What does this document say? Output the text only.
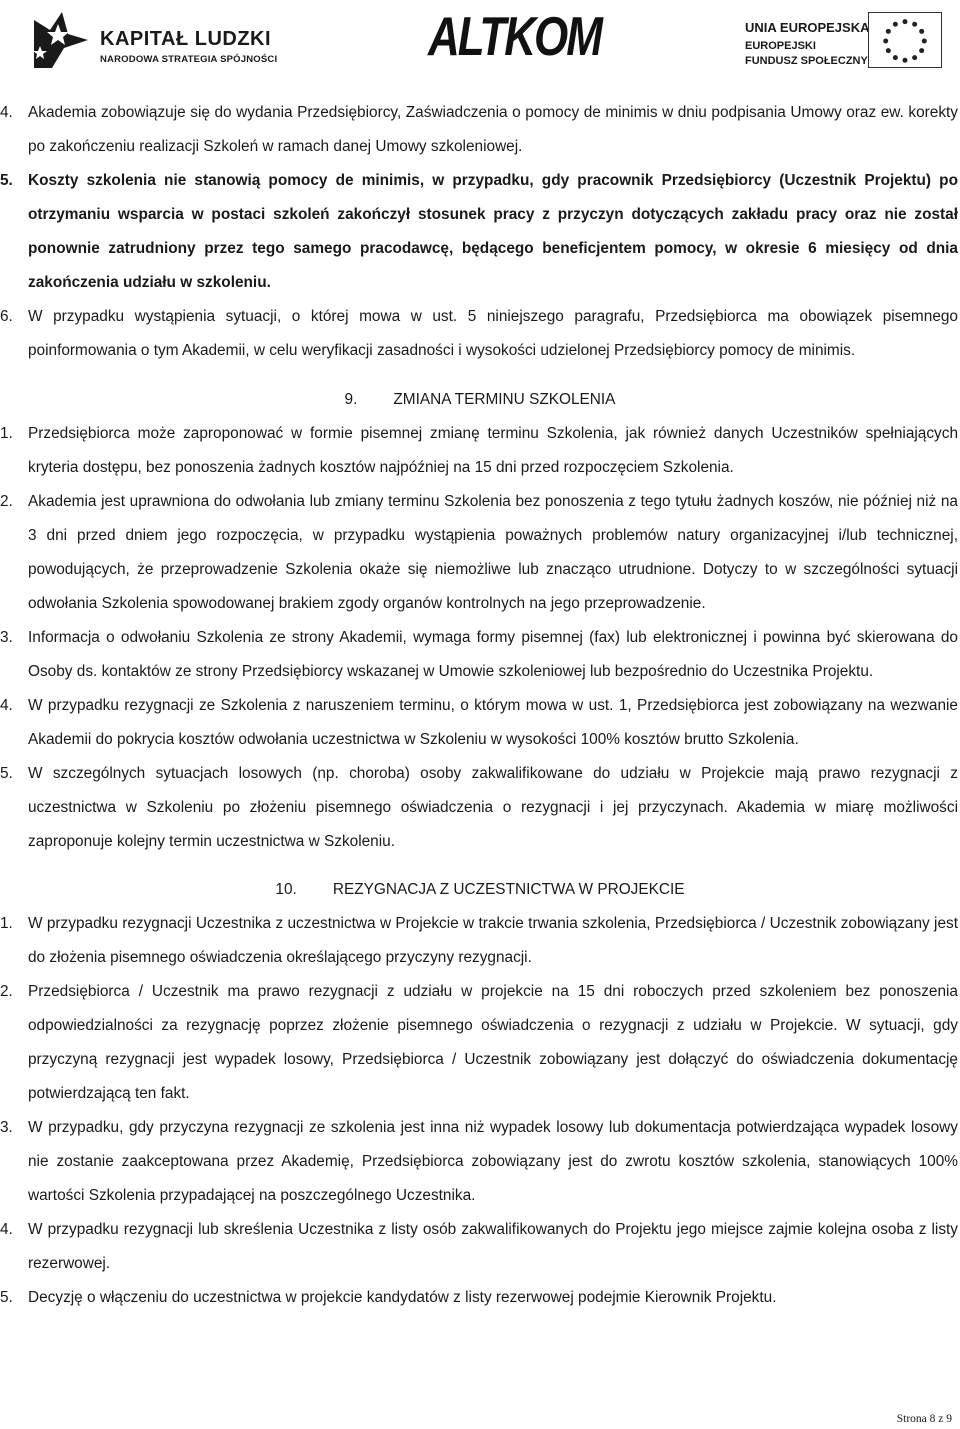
KAPITAŁ LUDZKI
NARODOWA STRATEGIA SPÓJNOŚCI	ALTKOM	UNIA EUROPEJSKA
EUROPEJSKI
FUNDUSZ SPOŁECZNY
4. Akademia zobowiązuje się do wydania Przedsiębiorcy, Zaświadczenia o pomocy de minimis w dniu podpisania Umowy oraz ew. korekty po zakończeniu realizacji Szkoleń w ramach danej Umowy szkoleniowej.
5. Koszty szkolenia nie stanowią pomocy de minimis, w przypadku, gdy pracownik Przedsiębiorcy (Uczestnik Projektu) po otrzymaniu wsparcia w postaci szkoleń zakończył stosunek pracy z przyczyn dotyczących zakładu pracy oraz nie został ponownie zatrudniony przez tego samego pracodawcę, będącego beneficjentem pomocy, w okresie 6 miesięcy od dnia zakończenia udziału w szkoleniu.
6. W przypadku wystąpienia sytuacji, o której mowa w ust. 5 niniejszego paragrafu, Przedsiębiorca ma obowiązek pisemnego poinformowania o tym Akademii, w celu weryfikacji zasadności i wysokości udzielonej Przedsiębiorcy pomocy de minimis.
9. ZMIANA TERMINU SZKOLENIA
1. Przedsiębiorca może zaproponować w formie pisemnej zmianę terminu Szkolenia, jak również danych Uczestników spełniających kryteria dostępu, bez ponoszenia żadnych kosztów najpóźniej na 15 dni przed rozpoczęciem Szkolenia.
2. Akademia jest uprawniona do odwołania lub zmiany terminu Szkolenia bez ponoszenia z tego tytułu żadnych koszów, nie później niż na 3 dni przed dniem jego rozpoczęcia, w przypadku wystąpienia poważnych problemów natury organizacyjnej i/lub technicznej, powodujących, że przeprowadzenie Szkolenia okaże się niemożliwe lub znacząco utrudnione. Dotyczy to w szczególności sytuacji odwołania Szkolenia spowodowanej brakiem zgody organów kontrolnych na jego przeprowadzenie.
3. Informacja o odwołaniu Szkolenia ze strony Akademii, wymaga formy pisemnej (fax) lub elektronicznej i powinna być skierowana do Osoby ds. kontaktów ze strony Przedsiębiorcy wskazanej w Umowie szkoleniowej lub bezpośrednio do Uczestnika Projektu.
4. W przypadku rezygnacji ze Szkolenia z naruszeniem terminu, o którym mowa w ust. 1, Przedsiębiorca jest zobowiązany na wezwanie Akademii do pokrycia kosztów odwołania uczestnictwa w Szkoleniu w wysokości 100% kosztów brutto Szkolenia.
5. W szczególnych sytuacjach losowych (np. choroba) osoby zakwalifikowane do udziału w Projekcie mają prawo rezygnacji z uczestnictwa w Szkoleniu po złożeniu pisemnego oświadczenia o rezygnacji i jej przyczynach. Akademia w miarę możliwości zaproponuje kolejny termin uczestnictwa w Szkoleniu.
10. REZYGNACJA Z UCZESTNICTWA W PROJEKCIE
1. W przypadku rezygnacji Uczestnika z uczestnictwa w Projekcie w trakcie trwania szkolenia, Przedsiębiorca / Uczestnik zobowiązany jest do złożenia pisemnego oświadczenia określającego przyczyny rezygnacji.
2. Przedsiębiorca / Uczestnik ma prawo rezygnacji z udziału w projekcie na 15 dni roboczych przed szkoleniem bez ponoszenia odpowiedzialności za rezygnację poprzez złożenie pisemnego oświadczenia o rezygnacji z udziału w Projekcie. W sytuacji, gdy przyczyną rezygnacji jest wypadek losowy, Przedsiębiorca / Uczestnik zobowiązany jest dołączyć do oświadczenia dokumentację potwierdzającą ten fakt.
3. W przypadku, gdy przyczyna rezygnacji ze szkolenia jest inna niż wypadek losowy lub dokumentacja potwierdzająca wypadek losowy nie zostanie zaakceptowana przez Akademię, Przedsiębiorca zobowiązany jest do zwrotu kosztów szkolenia, stanowiących 100% wartości Szkolenia przypadającej na poszczególnego Uczestnika.
4. W przypadku rezygnacji lub skreślenia Uczestnika z listy osób zakwalifikowanych do Projektu jego miejsce zajmie kolejna osoba z listy rezerwowej.
5. Decyzję o włączeniu do uczestnictwa w projekcie kandydatów z listy rezerwowej podejmie Kierownik Projektu.
Strona 8 z 9
